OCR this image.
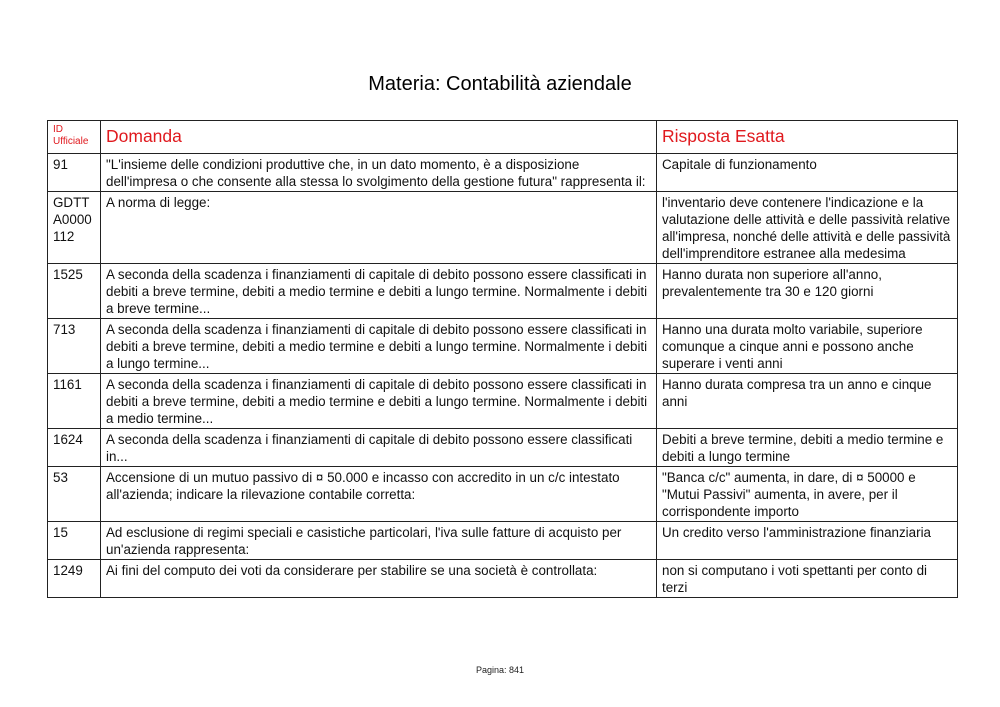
Materia: Contabilità aziendale
ID Ufficiale	Domanda	Risposta Esatta
91	"L'insieme delle condizioni produttive che, in un dato momento, è a disposizione dell'impresa o che consente alla stessa lo svolgimento della gestione futura" rappresenta il:	Capitale di funzionamento
GDTTA0000112	A norma di legge:	l'inventario deve contenere l'indicazione e la valutazione delle attività e delle passività relative all'impresa, nonché delle attività e delle passività dell'imprenditore estranee alla medesima
1525	A seconda della scadenza i finanziamenti di capitale di debito possono essere classificati in debiti a breve termine, debiti a medio termine e debiti a lungo termine. Normalmente i debiti a breve termine...	Hanno durata non superiore all'anno, prevalentemente tra 30 e 120 giorni
713	A seconda della scadenza i finanziamenti di capitale di debito possono essere classificati in debiti a breve termine, debiti a medio termine e debiti a lungo termine. Normalmente i debiti a lungo termine...	Hanno una durata molto variabile, superiore comunque a cinque anni e possono anche superare i venti anni
1161	A seconda della scadenza i finanziamenti di capitale di debito possono essere classificati in debiti a breve termine, debiti a medio termine e debiti a lungo termine. Normalmente i debiti a medio termine...	Hanno durata compresa tra un anno e cinque anni
1624	A seconda della scadenza i finanziamenti di capitale di debito possono essere classificati in...	Debiti a breve termine, debiti a medio termine e debiti a lungo termine
53	Accensione di un mutuo passivo di ¤ 50.000 e incasso con accredito in un c/c intestato all'azienda; indicare la rilevazione contabile corretta:	"Banca c/c" aumenta, in dare, di ¤ 50000 e "Mutui Passivi" aumenta, in avere, per il corrispondente importo
15	Ad esclusione di regimi speciali e casistiche particolari, l'iva sulle fatture di acquisto per un'azienda rappresenta:	Un credito verso l'amministrazione finanziaria
1249	Ai fini del computo dei voti da considerare per stabilire se una società è controllata:	non si computano i voti spettanti per conto di terzi
Pagina: 841
